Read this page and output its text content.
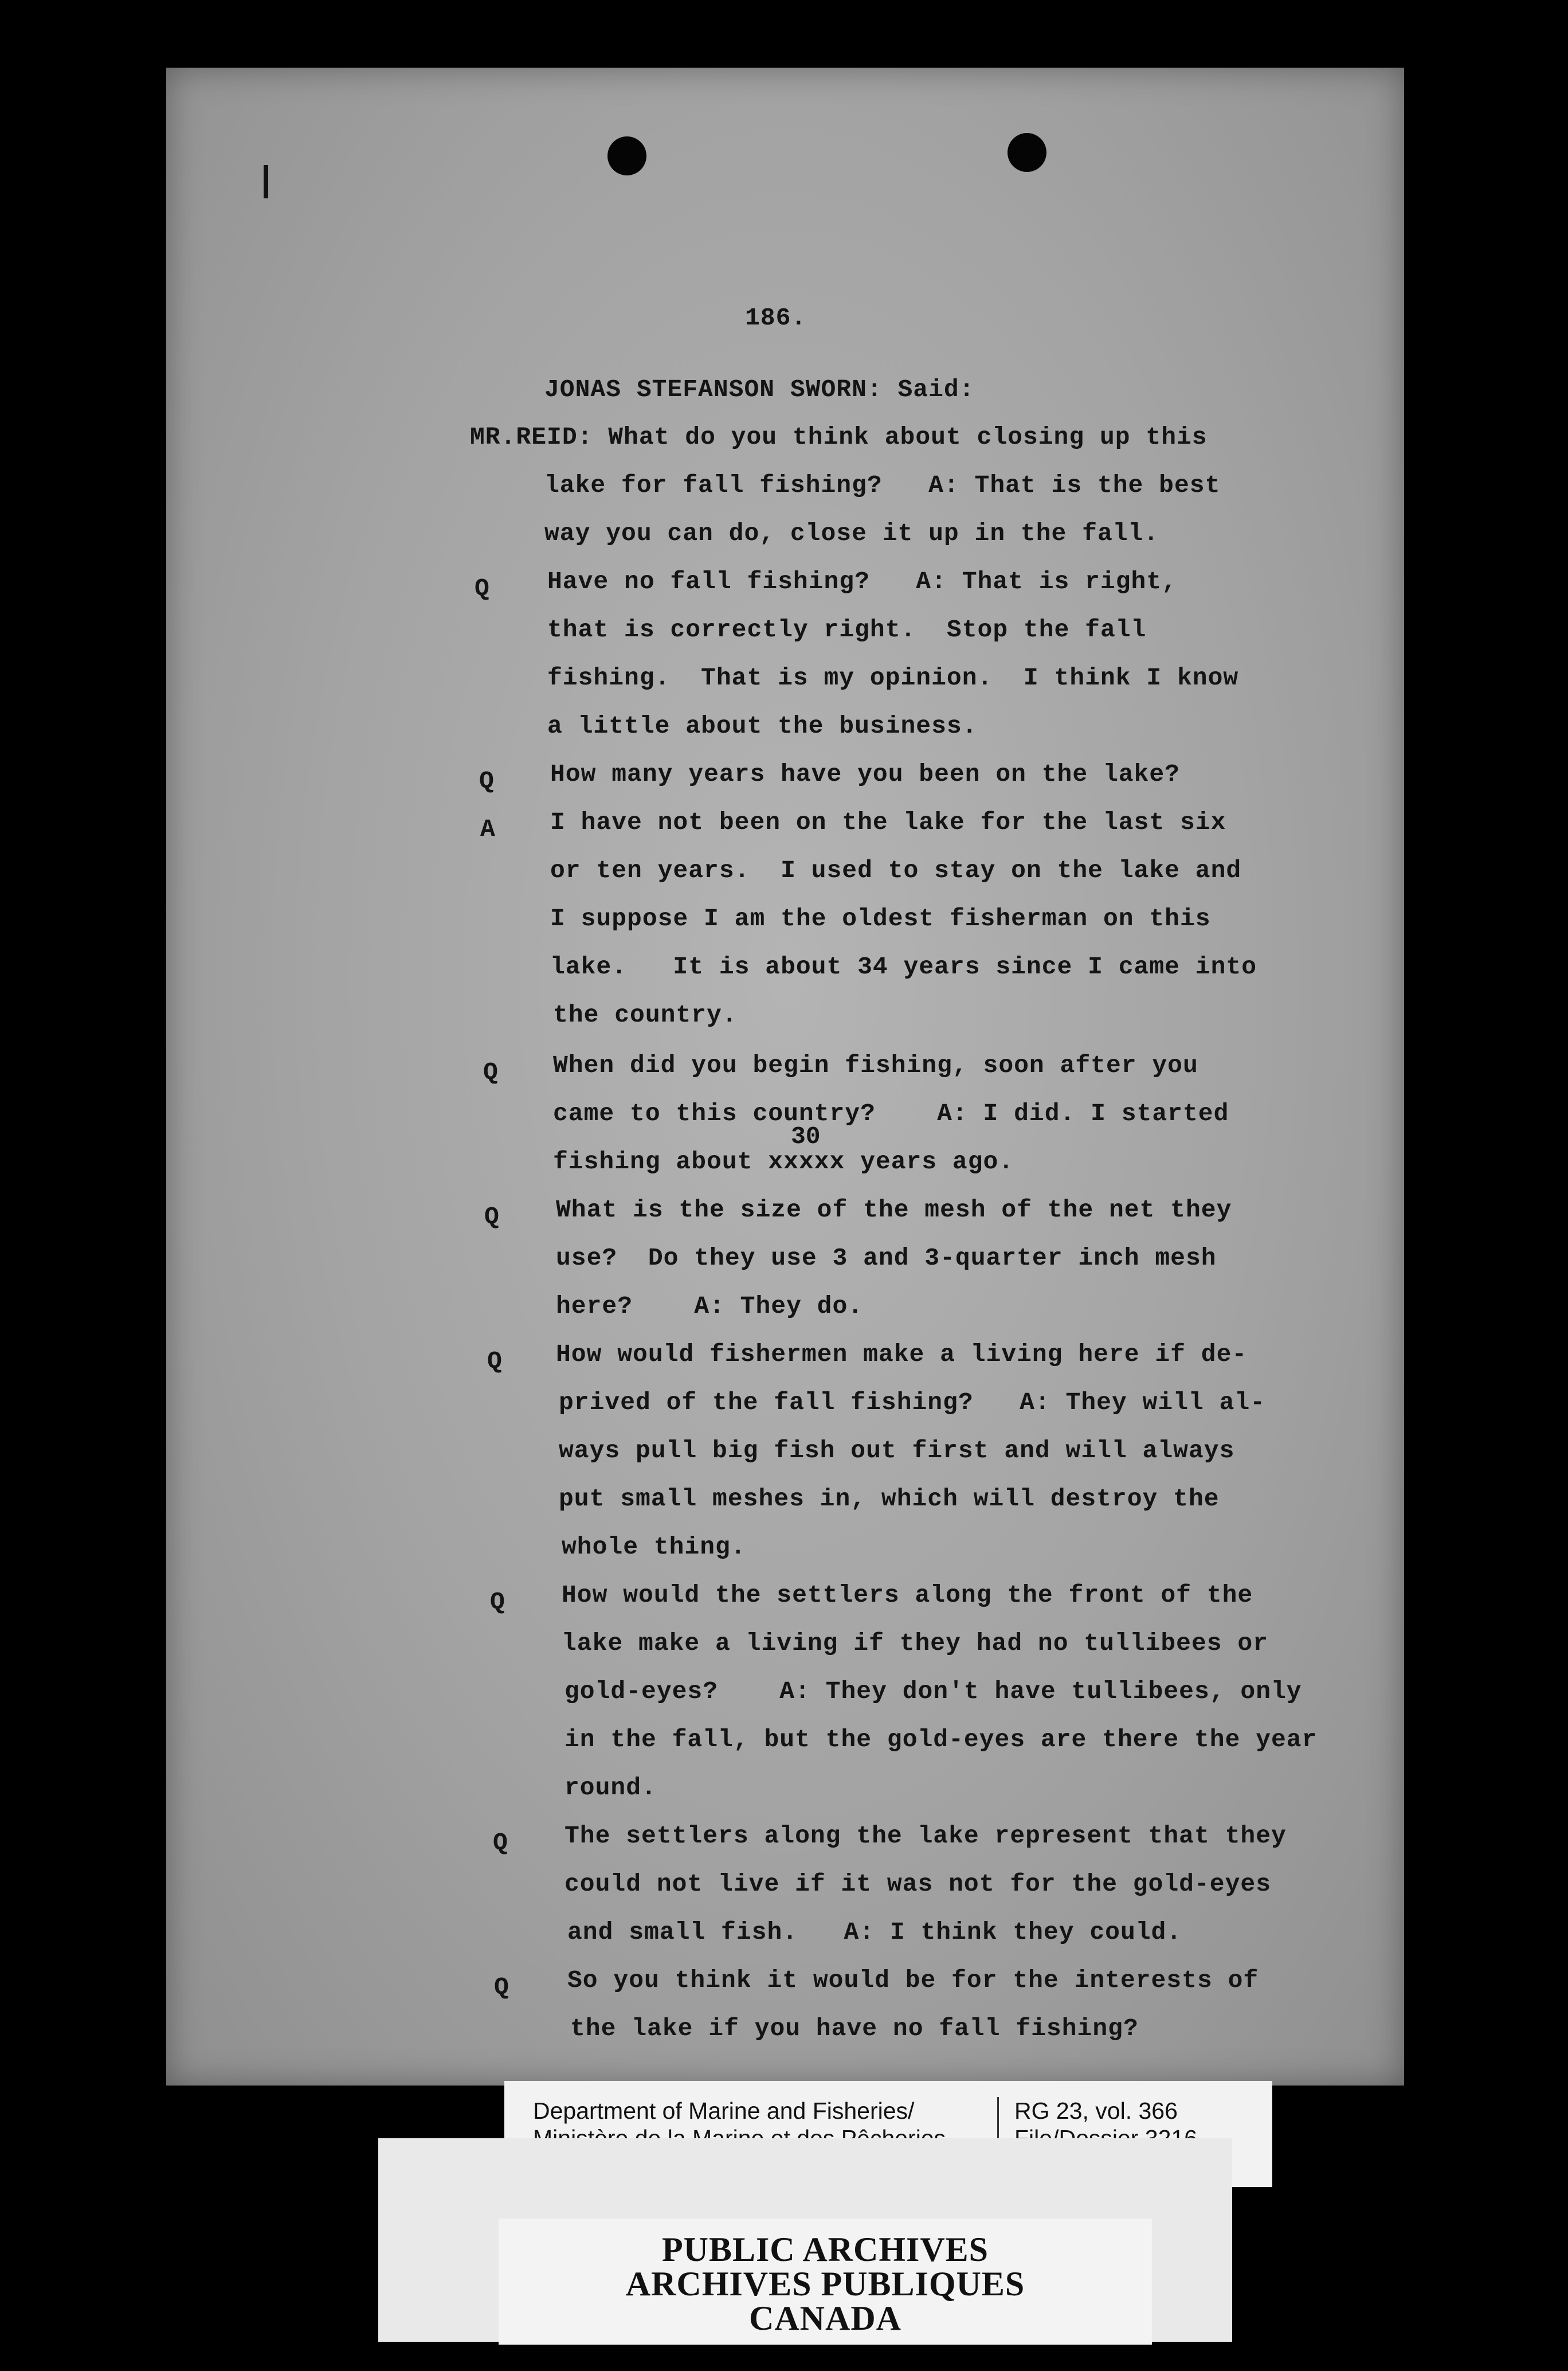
186.
JONAS STEFANSON SWORN: Said:
MR.REID: What do you think about closing up this
lake for fall fishing?   A: That is the best
way you can do, close it up in the fall.
Have no fall fishing?   A: That is right,
that is correctly right.  Stop the fall
fishing.  That is my opinion.  I think I know
a little about the business.
How many years have you been on the lake?
I have not been on the lake for the last six
or ten years.  I used to stay on the lake and
I suppose I am the oldest fisherman on this
lake.   It is about 34 years since I came into
the country.
When did you begin fishing, soon after you
came to this country?    A: I did. I started
fishing about xxxxx years ago.
What is the size of the mesh of the net they
use?  Do they use 3 and 3-quarter inch mesh
here?    A: They do.
How would fishermen make a living here if de-
prived of the fall fishing?   A: They will al-
ways pull big fish out first and will always
put small meshes in, which will destroy the
whole thing.
How would the settlers along the front of the
lake make a living if they had no tullibees or
gold-eyes?    A: They don't have tullibees, only
in the fall, but the gold-eyes are there the year
round.
The settlers along the lake represent that they
could not live if it was not for the gold-eyes
and small fish.   A: I think they could.
So you think it would be for the interests of
the lake if you have no fall fishing?
Q
Q
A
Q
Q
Q
Q
Q
Q
30
Department of Marine and Fisheries/	RG 23, vol. 366
PUBLIC ARCHIVES
ARCHIVES PUBLIQUES
CANADA
